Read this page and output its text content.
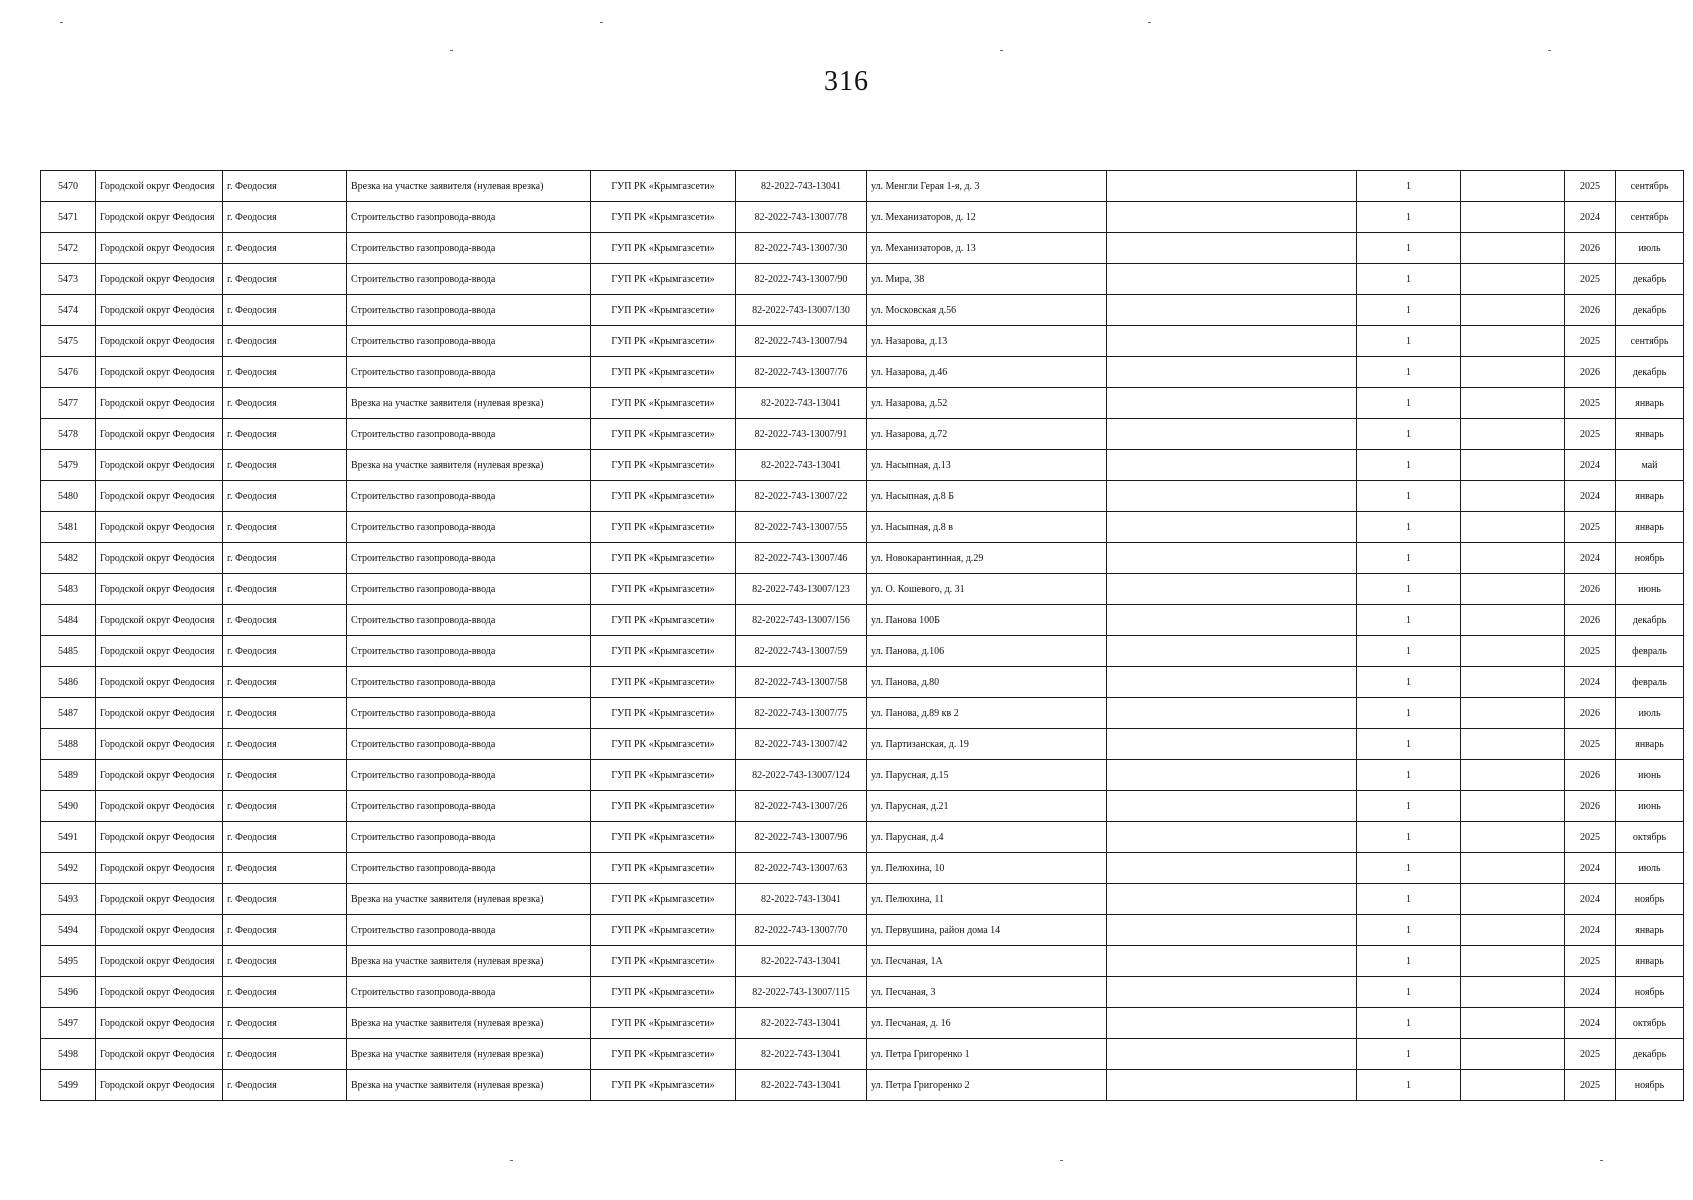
316
5470	Городской округ Феодосия	г. Феодосия	Врезка на участке заявителя (нулевая врезка)	ГУП РК «Крымгазсети»	82-2022-743-13041	ул. Менгли Герая 1-я, д. 3		1		2025	сентябрь
5471	Городской округ Феодосия	г. Феодосия	Строительство газопровода-ввода	ГУП РК «Крымгазсети»	82-2022-743-13007/78	ул. Механизаторов, д. 12		1		2024	сентябрь
5472	Городской округ Феодосия	г. Феодосия	Строительство газопровода-ввода	ГУП РК «Крымгазсети»	82-2022-743-13007/30	ул. Механизаторов, д. 13		1		2026	июль
5473	Городской округ Феодосия	г. Феодосия	Строительство газопровода-ввода	ГУП РК «Крымгазсети»	82-2022-743-13007/90	ул. Мира, 38		1		2025	декабрь
5474	Городской округ Феодосия	г. Феодосия	Строительство газопровода-ввода	ГУП РК «Крымгазсети»	82-2022-743-13007/130	ул. Московская д.56		1		2026	декабрь
5475	Городской округ Феодосия	г. Феодосия	Строительство газопровода-ввода	ГУП РК «Крымгазсети»	82-2022-743-13007/94	ул. Назарова, д.13		1		2025	сентябрь
5476	Городской округ Феодосия	г. Феодосия	Строительство газопровода-ввода	ГУП РК «Крымгазсети»	82-2022-743-13007/76	ул. Назарова, д.46		1		2026	декабрь
5477	Городской округ Феодосия	г. Феодосия	Врезка на участке заявителя (нулевая врезка)	ГУП РК «Крымгазсети»	82-2022-743-13041	ул. Назарова, д.52		1		2025	январь
5478	Городской округ Феодосия	г. Феодосия	Строительство газопровода-ввода	ГУП РК «Крымгазсети»	82-2022-743-13007/91	ул. Назарова, д.72		1		2025	январь
5479	Городской округ Феодосия	г. Феодосия	Врезка на участке заявителя (нулевая врезка)	ГУП РК «Крымгазсети»	82-2022-743-13041	ул. Насыпная, д.13		1		2024	май
5480	Городской округ Феодосия	г. Феодосия	Строительство газопровода-ввода	ГУП РК «Крымгазсети»	82-2022-743-13007/22	ул. Насыпная, д.8 Б		1		2024	январь
5481	Городской округ Феодосия	г. Феодосия	Строительство газопровода-ввода	ГУП РК «Крымгазсети»	82-2022-743-13007/55	ул. Насыпная, д.8 в		1		2025	январь
5482	Городской округ Феодосия	г. Феодосия	Строительство газопровода-ввода	ГУП РК «Крымгазсети»	82-2022-743-13007/46	ул. Новокарантинная, д.29		1		2024	ноябрь
5483	Городской округ Феодосия	г. Феодосия	Строительство газопровода-ввода	ГУП РК «Крымгазсети»	82-2022-743-13007/123	ул. О. Кошевого, д. 31		1		2026	июнь
5484	Городской округ Феодосия	г. Феодосия	Строительство газопровода-ввода	ГУП РК «Крымгазсети»	82-2022-743-13007/156	ул. Панова 100Б		1		2026	декабрь
5485	Городской округ Феодосия	г. Феодосия	Строительство газопровода-ввода	ГУП РК «Крымгазсети»	82-2022-743-13007/59	ул. Панова, д.106		1		2025	февраль
5486	Городской округ Феодосия	г. Феодосия	Строительство газопровода-ввода	ГУП РК «Крымгазсети»	82-2022-743-13007/58	ул. Панова, д.80		1		2024	февраль
5487	Городской округ Феодосия	г. Феодосия	Строительство газопровода-ввода	ГУП РК «Крымгазсети»	82-2022-743-13007/75	ул. Панова, д.89 кв 2		1		2026	июль
5488	Городской округ Феодосия	г. Феодосия	Строительство газопровода-ввода	ГУП РК «Крымгазсети»	82-2022-743-13007/42	ул. Партизанская, д. 19		1		2025	январь
5489	Городской округ Феодосия	г. Феодосия	Строительство газопровода-ввода	ГУП РК «Крымгазсети»	82-2022-743-13007/124	ул. Парусная, д.15		1		2026	июнь
5490	Городской округ Феодосия	г. Феодосия	Строительство газопровода-ввода	ГУП РК «Крымгазсети»	82-2022-743-13007/26	ул. Парусная, д.21		1		2026	июнь
5491	Городской округ Феодосия	г. Феодосия	Строительство газопровода-ввода	ГУП РК «Крымгазсети»	82-2022-743-13007/96	ул. Парусная, д.4		1		2025	октябрь
5492	Городской округ Феодосия	г. Феодосия	Строительство газопровода-ввода	ГУП РК «Крымгазсети»	82-2022-743-13007/63	ул. Пелюхина, 10		1		2024	июль
5493	Городской округ Феодосия	г. Феодосия	Врезка на участке заявителя (нулевая врезка)	ГУП РК «Крымгазсети»	82-2022-743-13041	ул. Пелюхина, 11		1		2024	ноябрь
5494	Городской округ Феодосия	г. Феодосия	Строительство газопровода-ввода	ГУП РК «Крымгазсети»	82-2022-743-13007/70	ул. Первушина, район дома 14		1		2024	январь
5495	Городской округ Феодосия	г. Феодосия	Врезка на участке заявителя (нулевая врезка)	ГУП РК «Крымгазсети»	82-2022-743-13041	ул. Песчаная, 1А		1		2025	январь
5496	Городской округ Феодосия	г. Феодосия	Строительство газопровода-ввода	ГУП РК «Крымгазсети»	82-2022-743-13007/115	ул. Песчаная, 3		1		2024	ноябрь
5497	Городской округ Феодосия	г. Феодосия	Врезка на участке заявителя (нулевая врезка)	ГУП РК «Крымгазсети»	82-2022-743-13041	ул. Песчаная, д. 16		1		2024	октябрь
5498	Городской округ Феодосия	г. Феодосия	Врезка на участке заявителя (нулевая врезка)	ГУП РК «Крымгазсети»	82-2022-743-13041	ул. Петра Григоренко 1		1		2025	декабрь
5499	Городской округ Феодосия	г. Феодосия	Врезка на участке заявителя (нулевая врезка)	ГУП РК «Крымгазсети»	82-2022-743-13041	ул. Петра Григоренко 2		1		2025	ноябрь
